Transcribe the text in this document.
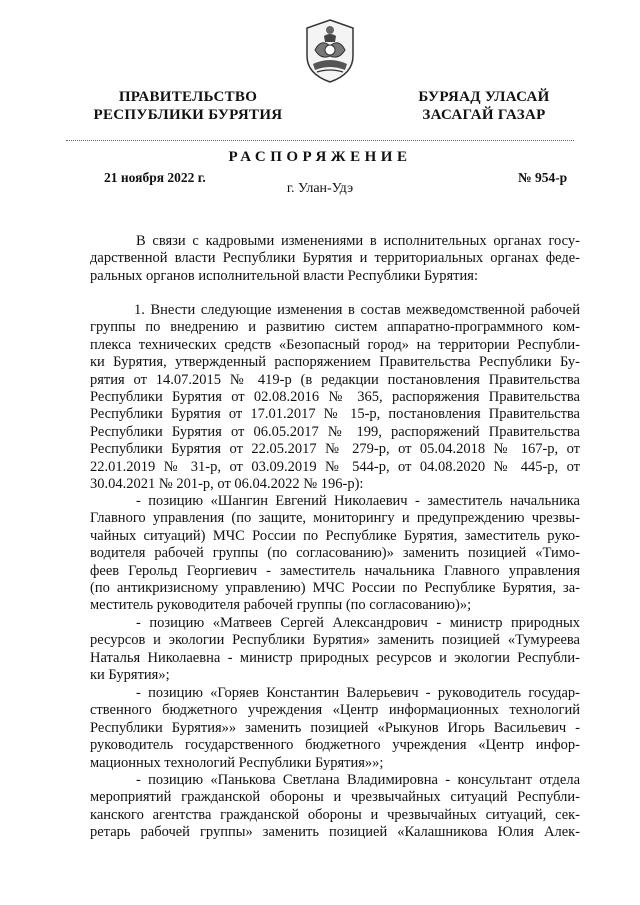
ПРАВИТЕЛЬСТВО
РЕСПУБЛИКИ БУРЯТИЯ
БУРЯАД УЛАСАЙ
ЗАСАГАЙ ГАЗАР
РАСПОРЯЖЕНИЕ
21 ноября 2022 г.	№ 954-р
г. Улан-Удэ
В связи с кадровыми изменениями в исполнительных органах госу-
дарственной власти Республики Бурятия и территориальных органах феде-
ральных органов исполнительной власти Республики Бурятия:
1. Внести следующие изменения в состав межведомственной рабочей
группы по внедрению и развитию систем аппаратно-программного ком-
плекса технических средств «Безопасный город» на территории Республи-
ки Бурятия, утвержденный распоряжением Правительства Республики Бу-
рятия от 14.07.2015 № 419-р (в редакции постановления Правительства
Республики Бурятия от 02.08.2016 № 365, распоряжения Правительства
Республики Бурятия от 17.01.2017 № 15-р, постановления Правительства
Республики Бурятия от 06.05.2017 № 199, распоряжений Правительства
Республики Бурятия от 22.05.2017 № 279-р, от 05.04.2018 № 167-р, от
22.01.2019 № 31-р, от 03.09.2019 № 544-р, от 04.08.2020 № 445-р, от
30.04.2021 № 201-р, от 06.04.2022 № 196-р):
- позицию «Шангин Евгений Николаевич - заместитель начальника
Главного управления (по защите, мониторингу и предупреждению чрезвы-
чайных ситуаций) МЧС России по Республике Бурятия, заместитель руко-
водителя рабочей группы (по согласованию)» заменить позицией «Тимо-
феев Герольд Георгиевич - заместитель начальника Главного управления
(по антикризисному управлению) МЧС России по Республике Бурятия, за-
меститель руководителя рабочей группы (по согласованию)»;
- позицию «Матвеев Сергей Александрович - министр природных
ресурсов и экологии Республики Бурятия» заменить позицией «Тумуреева
Наталья Николаевна - министр природных ресурсов и экологии Республи-
ки Бурятия»;
- позицию «Горяев Константин Валерьевич - руководитель государ-
ственного бюджетного учреждения «Центр информационных технологий
Республики Бурятия»» заменить позицией «Рыкунов Игорь Васильевич -
руководитель государственного бюджетного учреждения «Центр инфор-
мационных технологий Республики Бурятия»»;
- позицию «Панькова Светлана Владимировна - консультант отдела
мероприятий гражданской обороны и чрезвычайных ситуаций Республи-
канского агентства гражданской обороны и чрезвычайных ситуаций, сек-
ретарь рабочей группы» заменить позицией «Калашникова Юлия Алек-
